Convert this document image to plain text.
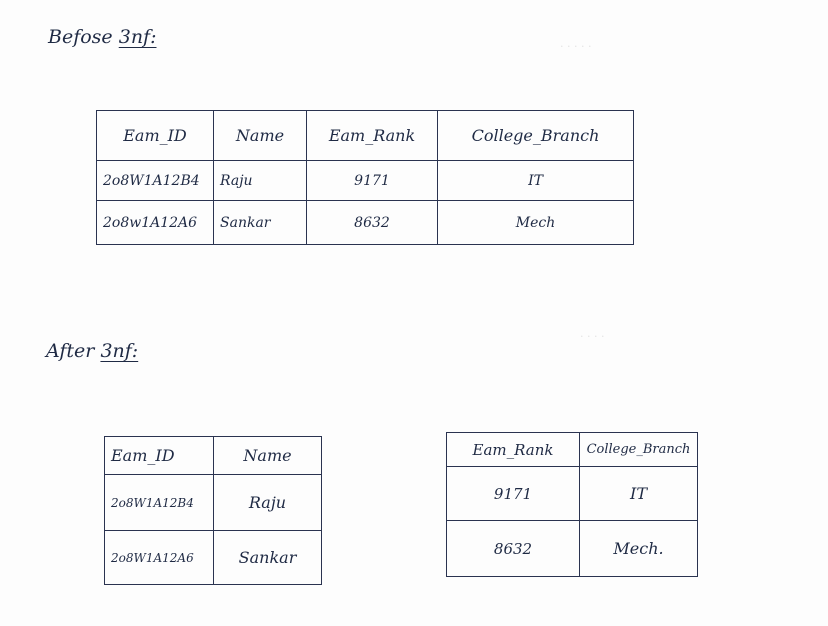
· · · · ·
· · · ·
Befose 3nf:
Eam_ID	Name	Eam_Rank	College_Branch
2o8W1A12B4	Raju	9171	IT
2o8w1A12A6	Sankar	8632	Mech
After 3nf:
Eam_ID	Name
2o8W1A12B4	Raju
2o8W1A12A6	Sankar
Eam_Rank	College_Branch
9171	IT
8632	Mech.
